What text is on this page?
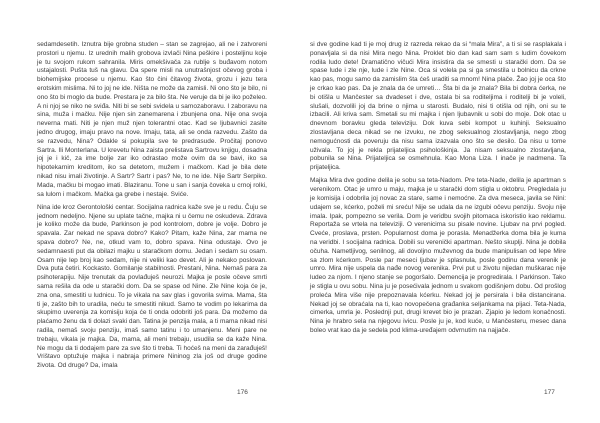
sedamdesetih. Iznutra bije grobna studen – stan se zagrejao, ali ne i zatvoreni prostori u njemu. Iz urednih malih grobova izvlači Nina peškire i posteljinu koje je tu svojom rukom sahranila. Miris omekšivača za rublje s buđavom notom ustajalosti. Pušta tuš na glavu. Da spere misli na unutrašnjost očevog groba i biohemijske procese u njemu. Kao što čini čitavog života, grozu i jezu tera erotskim mislima. Ni to joj ne ide. Ništa ne može da zamisli. Ni ono što je bilo, ni ono što bi moglo da bude. Prestara je za bilo šta. Ne veruje da bi je iko poželeo. A ni njoj se niko ne sviđa. Niti bi se sebi svidela u samozaboravu. I zaboravu na sina, muža i mačku. Nije njen sin zanemarena i zbunjena ona. Nije ona svoja neverna mati. Niti je njen muž njen tolerantni otac. Kad se ljubavnici zasite jedno drugog, imaju pravo na nove. Imaju, tata, ali se onda razvedu. Zašto da se razvedu, Nina? Odakle si pokupila sve te predrasude. Pročitaj ponovo Sartra. Ili Monterlana. U krevetu Nina zaista prelistava Sartrovu knjigu, dosadna joj je i kič, za ime bolje zar iko odrastao može ovim da se bavi, iko sa hipotekarnim kreditom, iko sa detetom, mužem i mačkom. Kad je bila dete nikad nisu imali životinje. A Sartr? Sartr i pas? Ne, to ne ide. Nije Sartr Serpiko. Mada, mačku bi mogao imati. Blaziranu. Tone u san i sanja čoveka u crnoj rolki, sa lulom i mačkom. Mačka ga grebe i nestaje. Sviće.

Nina ide kroz Gerontološki centar. Socijalna radnica kaže sve je u redu. Čuju se jednom nedeljno. Njene su uplate tačne, majka ni u čemu ne oskudeva. Zdrava je koliko može da bude, Parkinson je pod kontrolom, dobre je volje. Dobro je spavala. Zar nekad ne spava dobro? Kako? Pitam, kaže Nina, zar mama ne spava dobro? Ne, ne, otkud vam to, dobro spava. Nina odustaje. Ovo je sedamnaesti put da obilazi majku u staračkom domu. Jedan i sedam su osam. Osam nije lep broj kao sedam, nije ni veliki kao devet. Ali je nekako poslovan. Dva puta četiri. Kockasto. Gomilanje stabilnosti. Prestani, Nina. Nemaš para za psihoterapiju. Nije trenutak da povlađuješ neurozi. Majka je posle očeve smrti sama rešila da ode u starački dom. Da se spase od Nine. Zle Nine koja će je, zna ona, smestiti u ludnicu. To je vikala na sav glas i govorila svima. Mama, šta ti je, zašto bih to uradila, neću te smestiti nikud. Samo te vodim po lekarima da skupimo uverenja za komisiju koja će ti onda odobriti još para. Da možemo da plaćamo ženu da ti dolazi svaki dan. Tatina je penzija mala, a ti mama nikad nisi radila, nemaš svoju penziju, imaš samo tatinu i to umanjenu. Meni pare ne trebaju, vikala je majka. Da, mama, ali meni trebaju, usudila se da kaže Nina. Ne mogu da ti dodajem pare za sve što ti treba. Ti hoćeš na meni da zarađuješ! Vrištavo optužuje majka i nabraja primere Nininog zla još od druge godine života. Od druge? Da, imala

176

si dve godine kad ti je moj drug iz razreda rekao da si “mala Mira”, a ti si se rasplakala i ponavljala si da nisi Mira nego Nina. Proklet bio dan kad sam sam s ludim čovekom rodila ludo dete! Dramatično vičući Mira insistira da se smesti u starački dom. Da se spase lude i zle nje, lude i zle Nine. Oca si volela pa si ga smestila u bolnicu da crkne kao pas, mogu samo da zamislim šta ćeš uraditi sa mnom! Nina plače. Žao joj je oca što je crkao kao pas. Da je znala da će umreti… Šta bi da je znala? Bila bi dobra ćerka, ne bi otišla u Mančester sa dvadeset i dve, ostala bi sa roditeljima i roditelji bi je voleli, slušali, dozvolili joj da brine o njima u starosti. Budalo, nisi ti otišla od njih, oni su te izbacili. Ali kriva sam. Smetali su mi majka i njen ljubavnik u sobi do moje. Dok otac u dnevnom boravku gleda televiziju. Dok kuva sebi kompot u kuhinji. Seksualno zlostavljana deca nikad se ne izvuku, ne zbog seksualnog zlostavljanja, nego zbog nemogućnosti da poveruju da nisu sama izazvala ono što se desilo. Da nisu u tome uživala. To joj je rekla prijateljica psihološkinja. Ja nisam seksualno zlostavljana, pobunila se Nina. Prijateljica se osmehnula. Kao Mona Liza. I inače je nadmena. Ta prijateljica.

Majka Mira dve godine delila je sobu sa teta-Nadom. Pre teta-Nade, delila je apartman s verenikom. Otac je umro u maju, majka je u starački dom stigla u oktobru. Pregledala ju je komisija i odobrila joj novac za stare, same i nemoćne. Za dva meseca, javila se Nini: udajem se, kćerko, poželi mi sreću! Nije se udala da ne izgubi očevu penziju. Svoju nije imala. Ipak, pompezno se verila. Dom je veridbu svojih pitomaca iskoristio kao reklamu. Reportaža se vrtela na televiziji. O verenicima su pisale novine. Ljubav na prvi pogled. Cveće, proslava, prsten. Popularnost doma je porasla. Menadžerka doma bila je kuma na veridbi. I socijalna radnica. Dobili su verenički apartman. Nešto skuplji. Nina je dobila očuha. Nametljivog, senilnog, ali dovoljno muževnog da bude manipulisan od lepe Mire sa zlom kćerkom. Posle par meseci ljubav je splasnula, posle godinu dana verenik je umro. Mira nije uspela da nađe novog verenika. Prvi put u životu nijedan muškarac nije ludeo za njom. I njeno stanje se pogoršalo. Demencija je progredirala. I Parkinson. Tako je stigla u ovu sobu. Nina ju je posećivala jednom u svakom godišnjem dobu. Od prošlog proleća Mira više nije prepoznavala kćerku. Nekad joj je persirala i bila distancirana. Nekad joj se obraćala na ti, kao novopečena građanka seljankama na pijaci. Teta-Nada, cimerka, umrla je. Poslednji put, drugi krevet bio je prazan. Zjapio je ledom konačnosti. Nina je hrabro sela na njegovu ivicu. Posle ju je, kod kuće, u Mančesteru, mesec dana boleo vrat kao da je sedela pod klima-uređajem odvrnutim na najjače.

177
